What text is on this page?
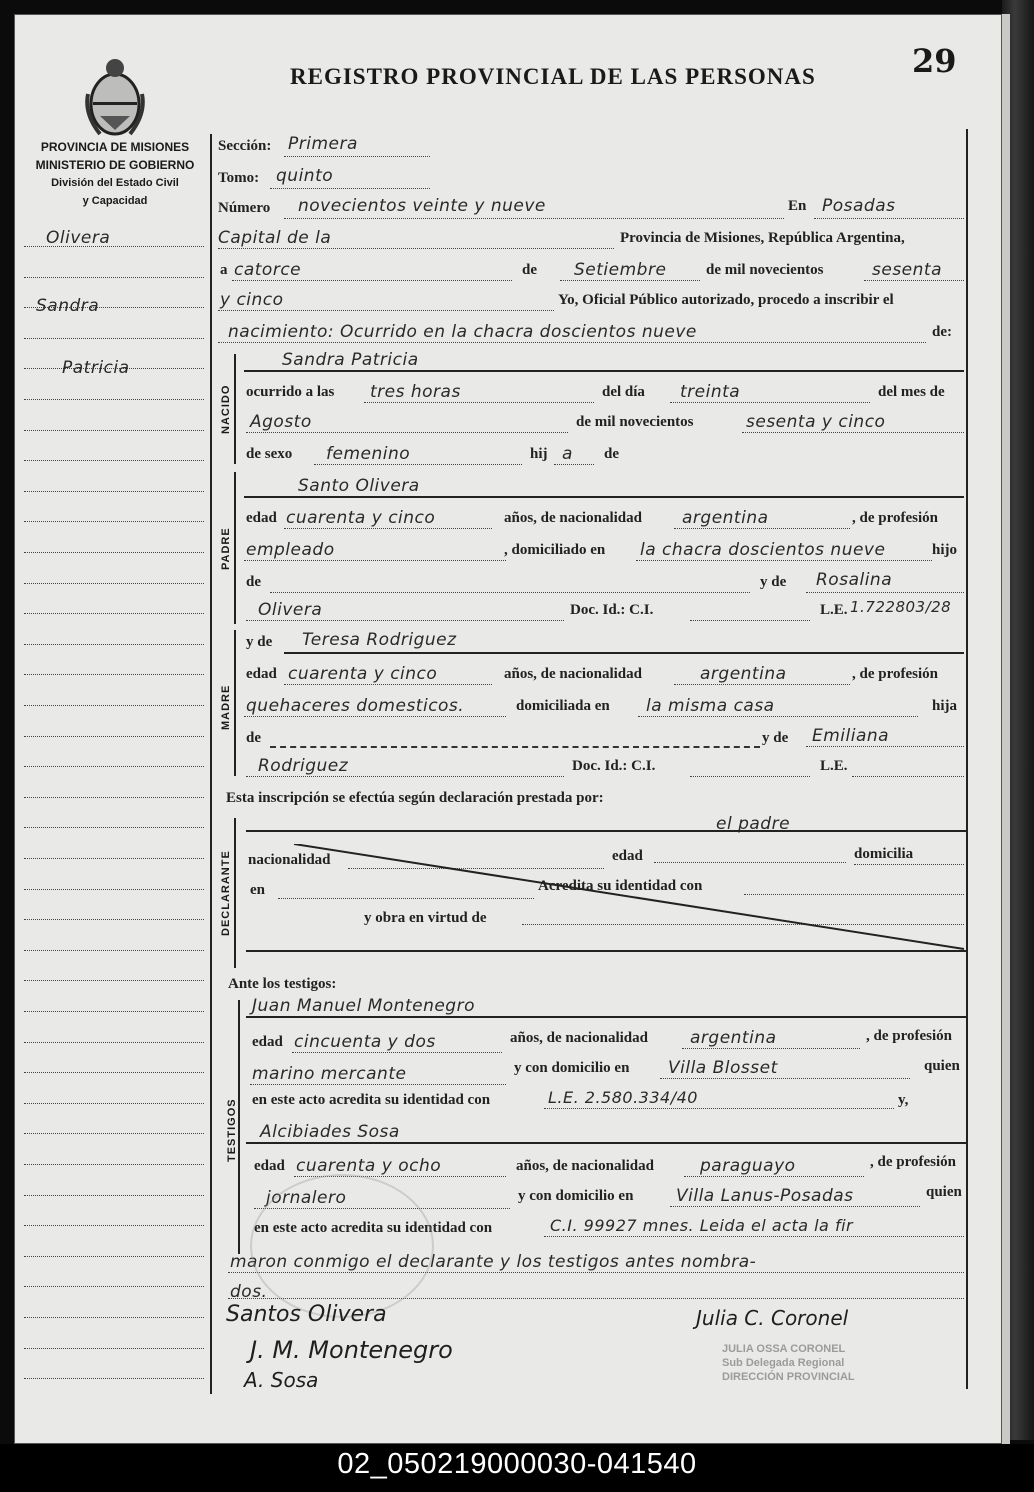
REGISTRO PROVINCIAL DE LAS PERSONAS	29
PROVINCIA DE MISIONES
MINISTERIO DE GOBIERNO
División del Estado Civil
y Capacidad
Olivera
Sandra
Patricia
Sección: Primera
Tomo: quinto
Número novecientos veinte y nueve	En Posadas
Capital de la	Provincia de Misiones, República Argentina,
a catorce	de Setiembre	de mil novecientos	sesenta
y cinco	Yo, Oficial Público autorizado, procedo a inscribir el
nacimiento: Ocurrido en la chacra doscientos nueve	de:
NACIDO
Sandra Patricia
ocurrido a las tres horas	del día treinta	del mes de
Agosto	de mil novecientos	sesenta y cinco
de sexo femenino	hij a de
PADRE
Santo Olivera
edad cuarenta y cinco	años, de nacionalidad argentina	, de profesión
empleado	, domiciliado en la chacra doscientos nueve	hijo
de	y de Rosalina
Olivera	Doc. Id.: C.I.	L.E. 1.722803/28
MADRE
y de Teresa Rodriguez
edad cuarenta y cinco	años, de nacionalidad	argentina	, de profesión
quehaceres domesticos.	domiciliada en la misma casa	hija
de	y de Emiliana
Rodriguez	Doc. Id.: C.I.	L.E.
Esta inscripción se efectúa según declaración prestada por:
DECLARANTE
el padre
nacionalidad	edad	domicilia
en	Acredita su identidad con
y obra en virtud de
Ante los testigos:
TESTIGOS
Juan Manuel Montenegro
edad cincuenta y dos	años, de nacionalidad argentina	, de profesión
marino mercante	y con domicilio en Villa Blosset	quien
en este acto acredita su identidad con	L.E. 2.580.334/40	y,
Alcibiades Sosa
edad cuarenta y ocho	años, de nacionalidad	paraguayo	, de profesión
jornalero	y con domicilio en	Villa Lanus-Posadas	quien
en este acto acredita su identidad con	C.I. 99927 mnes. Leida el acta la fir
maron conmigo el declarante y los testigos antes nombra-
dos.
Santos Olivera
J. M. Montenegro
A. Sosa
Julia C. Coronel
JULIA OSSA CORONEL
Sub Delegada Regional
DIRECCIÓN PROVINCIAL
02_050219000030-041540
